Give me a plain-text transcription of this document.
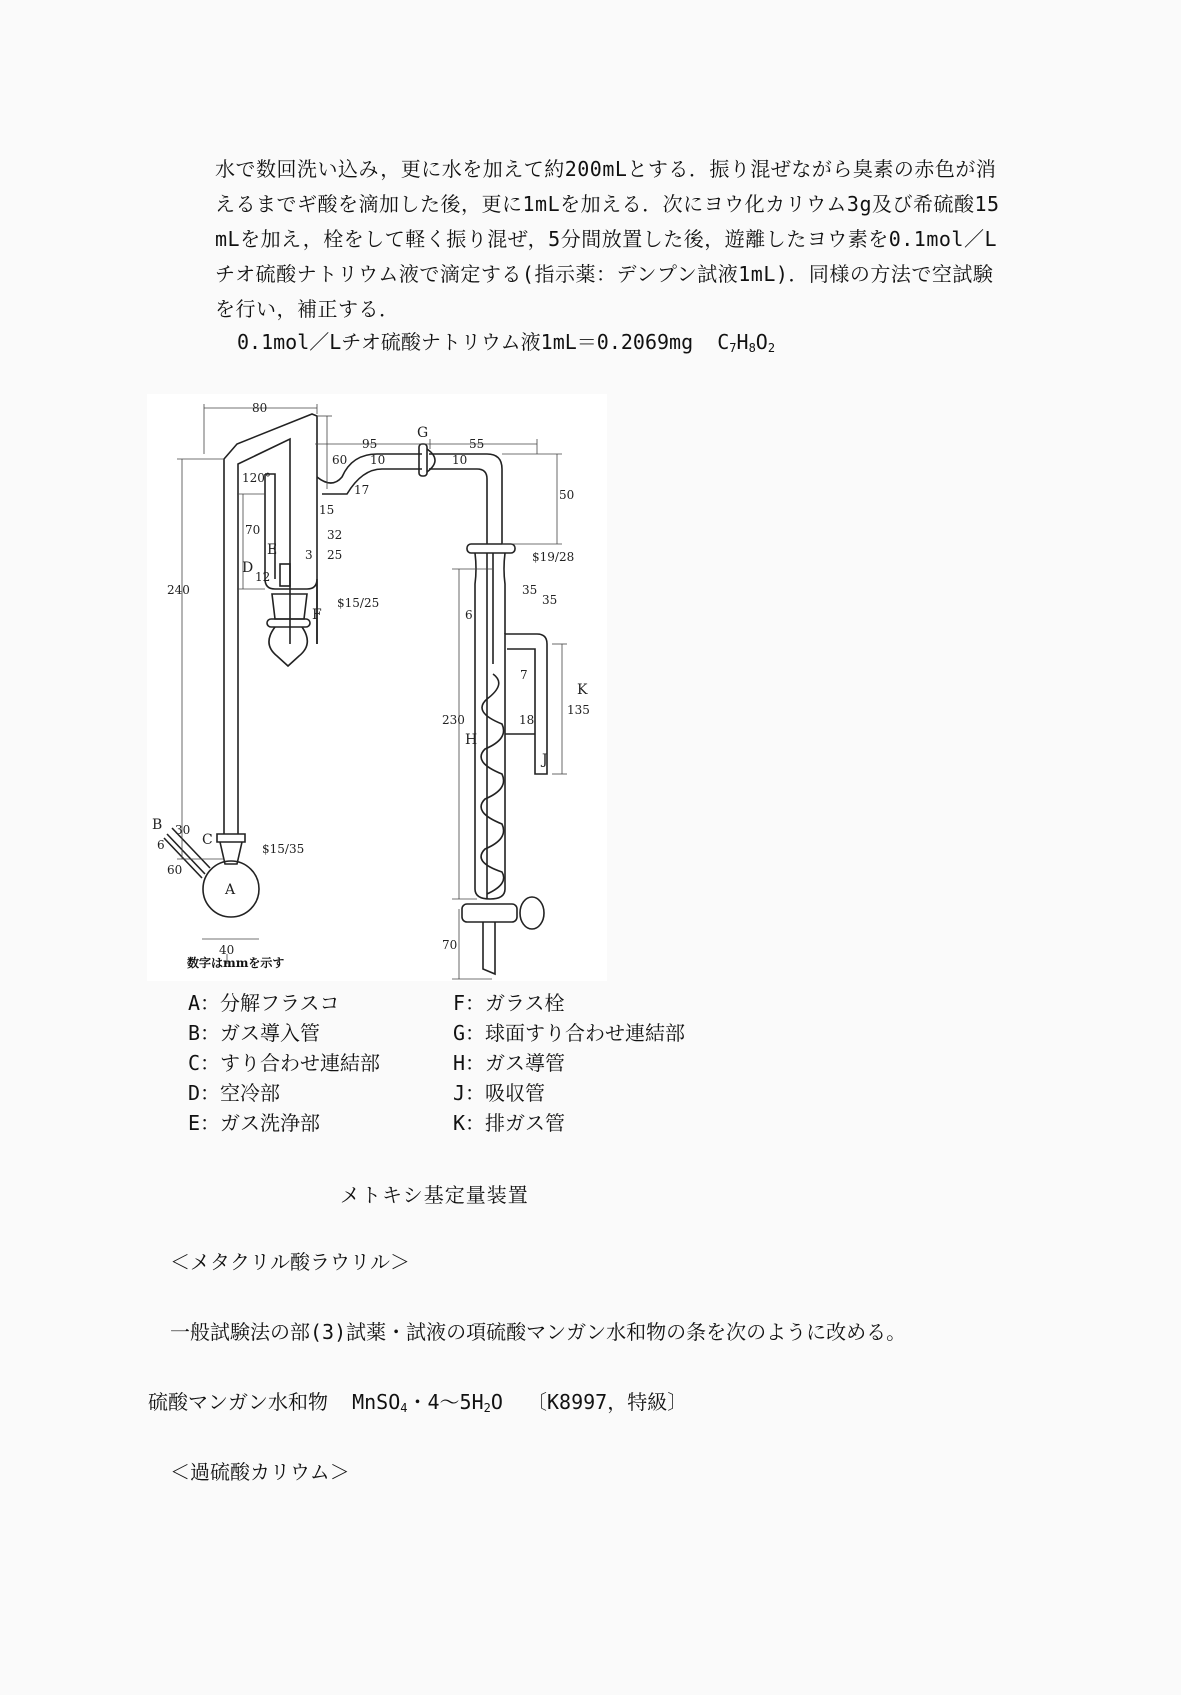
水で数回洗い込み，更に水を加えて約200mLとする．振り混ぜながら臭素の赤色が消
えるまでギ酸を滴加した後，更に1mLを加える．次にヨウ化カリウム3g及び希硫酸15
mLを加え，栓をして軽く振り混ぜ，5分間放置した後，遊離したヨウ素を0.1mol／L
チオ硫酸ナトリウム液で滴定する(指示薬：デンプン試液1mL)．同様の方法で空試験
を行い，補正する．
0.1mol／Lチオ硫酸ナトリウム液1mL＝0.2069mg $C_7H_8O_2$
A
B
C
D
E
F
G
H
J
K
80
120°
60
95	55
10	10
17
15
32
3 25
70
12
240
50
35
35
6
7
135
230	18
70
6
30
60
40
$15/25
$15/35
$19/28
数字はmmを示す
A：分解フラスコ
B：ガス導入管
C：すり合わせ連結部
D：空冷部
E：ガス洗浄部
F：ガラス栓
G：球面すり合わせ連結部
H：ガス導管
J：吸収管
K：排ガス管
メトキシ基定量装置
＜メタクリル酸ラウリル＞
一般試験法の部(3)試薬・試液の項硫酸マンガン水和物の条を次のように改める。
硫酸マンガン水和物 MnSO$_4$・$4\sim 5H_2O$ 〔K8997，特級〕
＜過硫酸カリウム＞
